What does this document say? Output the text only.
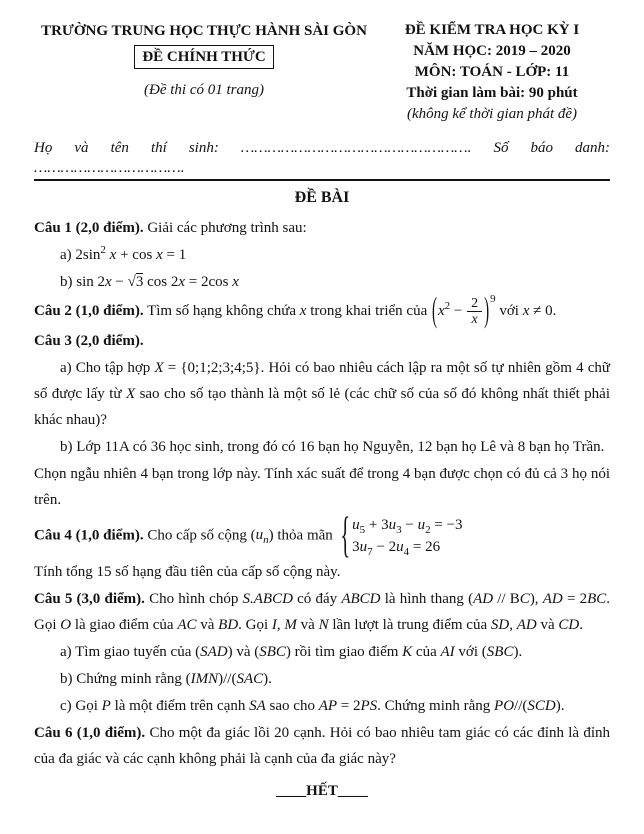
TRƯỜNG TRUNG HỌC THỰC HÀNH SÀI GÒN
ĐỀ CHÍNH THỨC
(Đề thi có 01 trang)
ĐỀ KIỂM TRA HỌC KỲ I
NĂM HỌC: 2019 – 2020
MÔN: TOÁN - LỚP: 11
Thời gian làm bài: 90 phút
(không kể thời gian phát đề)
Họ và tên thí sinh: ……………………………………………. Số báo danh:
…………………………….
ĐỀ BÀI
Câu 1 (2,0 điểm). Giải các phương trình sau:
a) $2\sin^2$ x + cos x = 1
b) sin 2x − √3 cos 2x = 2cos x
Câu 2 (1,0 điểm). Tìm số hạng không chứa x trong khai triển của $(x^2 - \frac{2}{x} )^9$ với x ≠ 0.
Câu 3 (2,0 điểm).
a) Cho tập hợp X = {0;1;2;3;4;5}. Hỏi có bao nhiêu cách lập ra một số tự nhiên gồm 4 chữ số được lấy từ X sao cho số tạo thành là một số lẻ (các chữ số của số đó không nhất thiết phải khác nhau)?
b) Lớp 11A có 36 học sinh, trong đó có 16 bạn họ Nguyễn, 12 bạn họ Lê và 8 bạn họ Trần.
Chọn ngẫu nhiên 4 bạn trong lớp này. Tính xác suất để trong 4 bạn được chọn có đủ cả 3 họ nói trên.
Câu 4 (1,0 điểm). Cho cấp số cộng $(u_n)$ thỏa mãn { $u_5 + 3u_3 - u_2 = -3$
$3u_7 - 2u_4 = 26$
Tính tổng 15 số hạng đầu tiên của cấp số cộng này.
Câu 5 (3,0 điểm). Cho hình chóp S.ABCD có đáy ABCD là hình thang (AD // BC), AD = 2BC. Gọi O là giao điểm của AC và BD. Gọi I, M và N lần lượt là trung điểm của SD, AD và CD.
a) Tìm giao tuyến của (SAD) và (SBC) rồi tìm giao điểm K của AI với (SBC).
b) Chứng minh rằng (IMN)//(SAC).
c) Gọi P là một điểm trên cạnh SA sao cho AP = 2PS. Chứng minh rằng PO//(SCD).
Câu 6 (1,0 điểm). Cho một đa giác lồi 20 cạnh. Hỏi có bao nhiêu tam giác có các đỉnh là đỉnh của đa giác và các cạnh không phải là cạnh của đa giác này?
____HẾT____
